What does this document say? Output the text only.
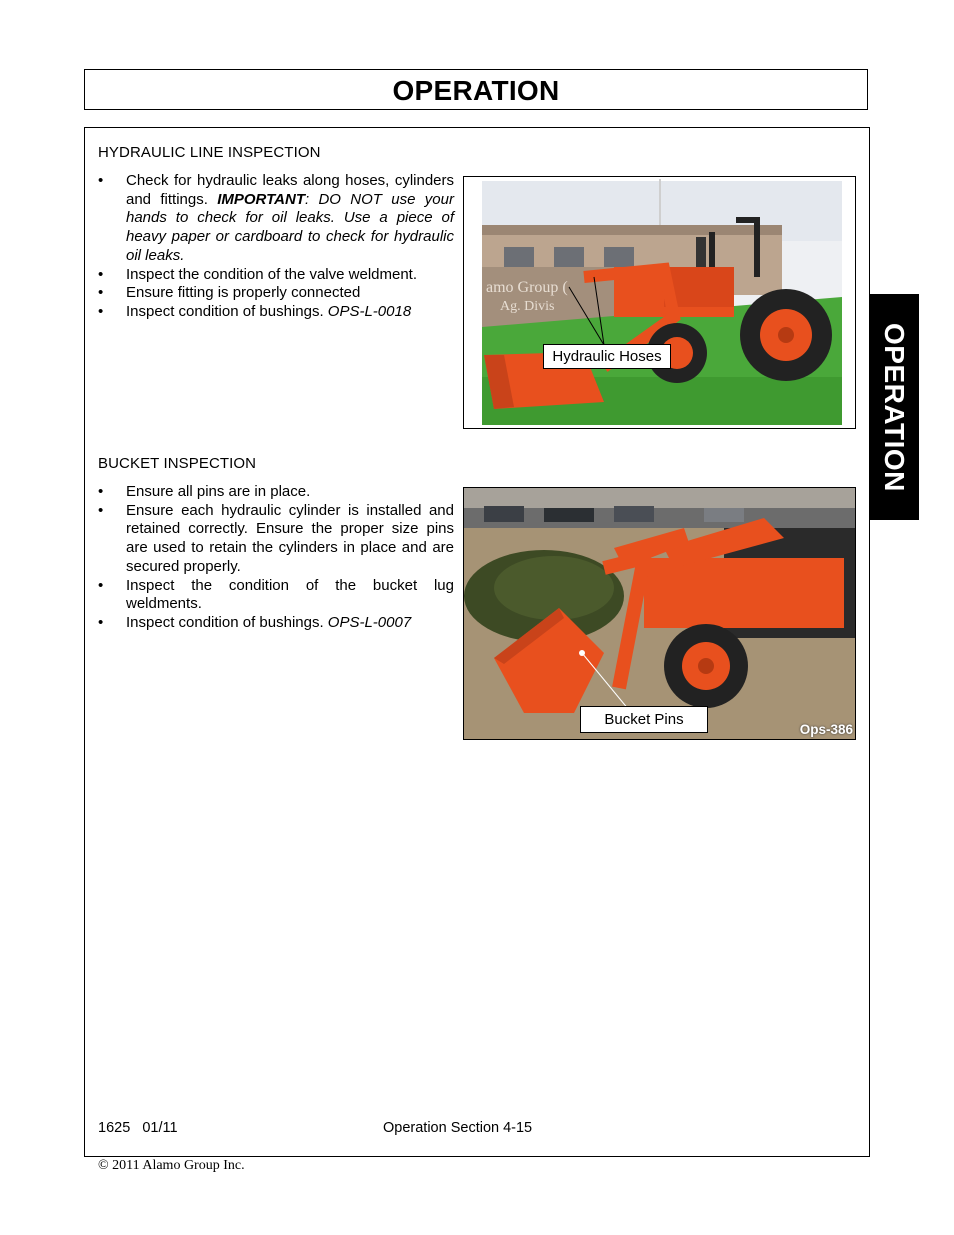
OPERATION
HYDRAULIC LINE INSPECTION
• Check for hydraulic leaks along hoses, cylinders and fittings. IMPORTANT: DO NOT use your hands to check for oil leaks. Use a piece of heavy paper or cardboard to check for hydraulic oil leaks.
• Inspect the condition of the valve weldment.
• Ensure fitting is properly connected
• Inspect condition of bushings. OPS-L-0018
amo Group (
Ag. Divis
Hydraulic Hoses
BUCKET INSPECTION
• Ensure all pins are in place.
• Ensure each hydraulic cylinder is installed and retained correctly. Ensure the proper size pins are used to retain the cylinders in place and are secured properly.
• Inspect the condition of the bucket lug weldments.
• Inspect condition of bushings. OPS-L-0007
Bucket Pins
Ops-386
OPERATION
1625   01/11	Operation Section 4-15
© 2011 Alamo Group Inc.
